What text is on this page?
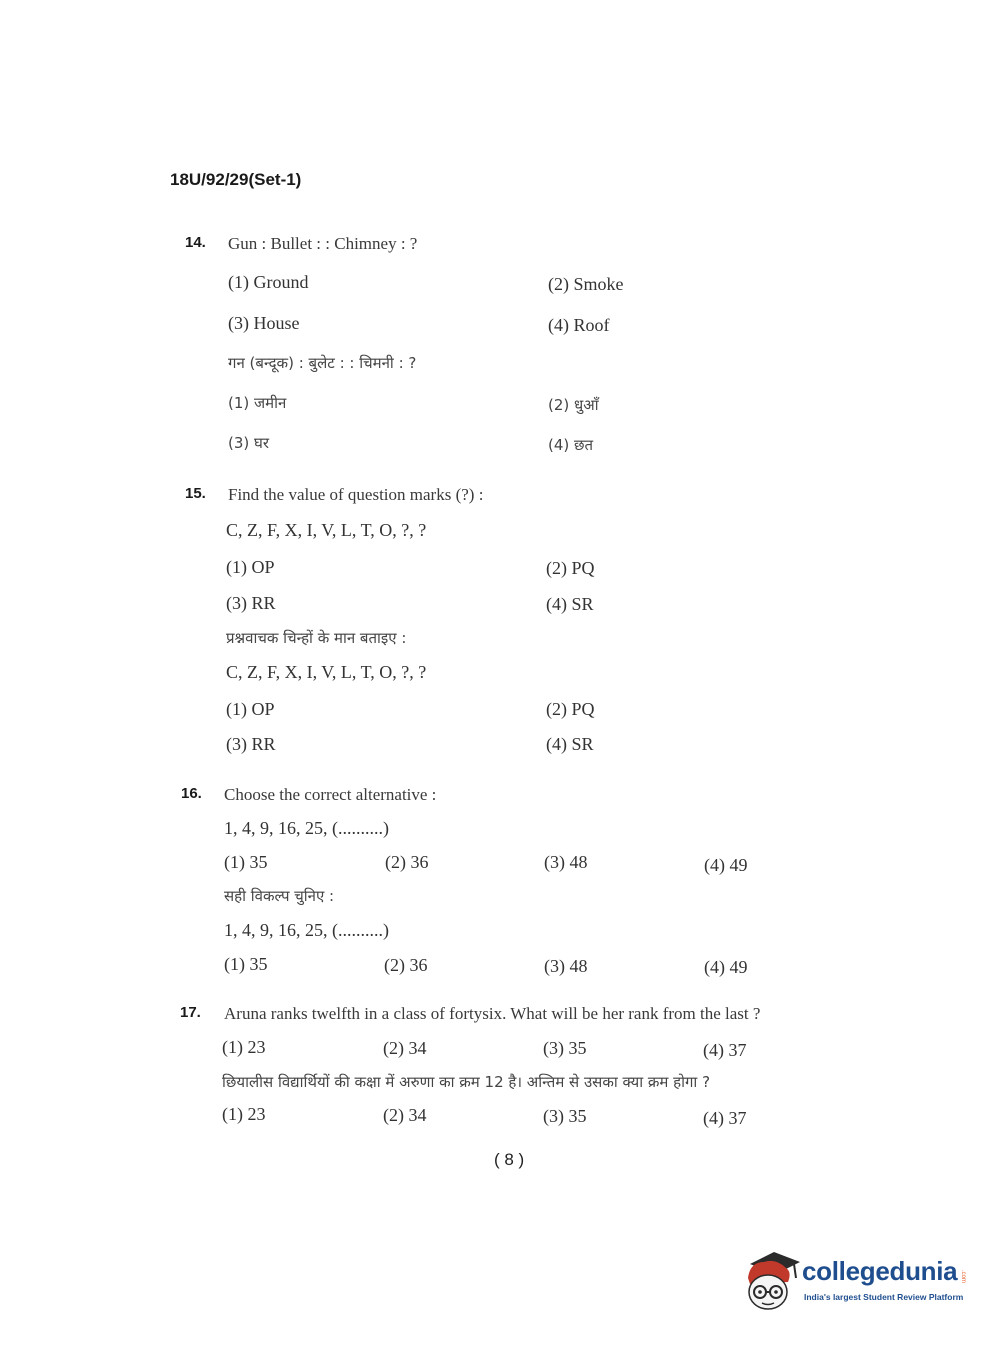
18U/92/29(Set-1)
14. Gun : Bullet : : Chimney : ?
(1) Ground	(2) Smoke
(3) House	(4) Roof
गन (बन्दूक) : बुलेट : : चिमनी : ?
(1) जमीन	(2) धुआँ
(3) घर	(4) छत
15. Find the value of question marks (?) :
C, Z, F, X, I, V, L, T, O, ?, ?
(1) OP	(2) PQ
(3) RR	(4) SR
प्रश्नवाचक चिन्हों के मान बताइए :
C, Z, F, X, I, V, L, T, O, ?, ?
(1) OP	(2) PQ
(3) RR	(4) SR
16. Choose the correct alternative :
1, 4, 9, 16, 25, (..........)
(1) 35	(2) 36	(3) 48	(4) 49
सही विकल्प चुनिए :
1, 4, 9, 16, 25, (..........)
(1) 35	(2) 36	(3) 48	(4) 49
17. Aruna ranks twelfth in a class of fortysix. What will be her rank from the last ?
(1) 23	(2) 34	(3) 35	(4) 37
छियालीस विद्यार्थियों की कक्षा में अरुणा का क्रम 12 है। अन्तिम से उसका क्या क्रम होगा ?
(1) 23	(2) 34	(3) 35	(4) 37
( 8 )
collegedunia .com
India's largest Student Review Platform
